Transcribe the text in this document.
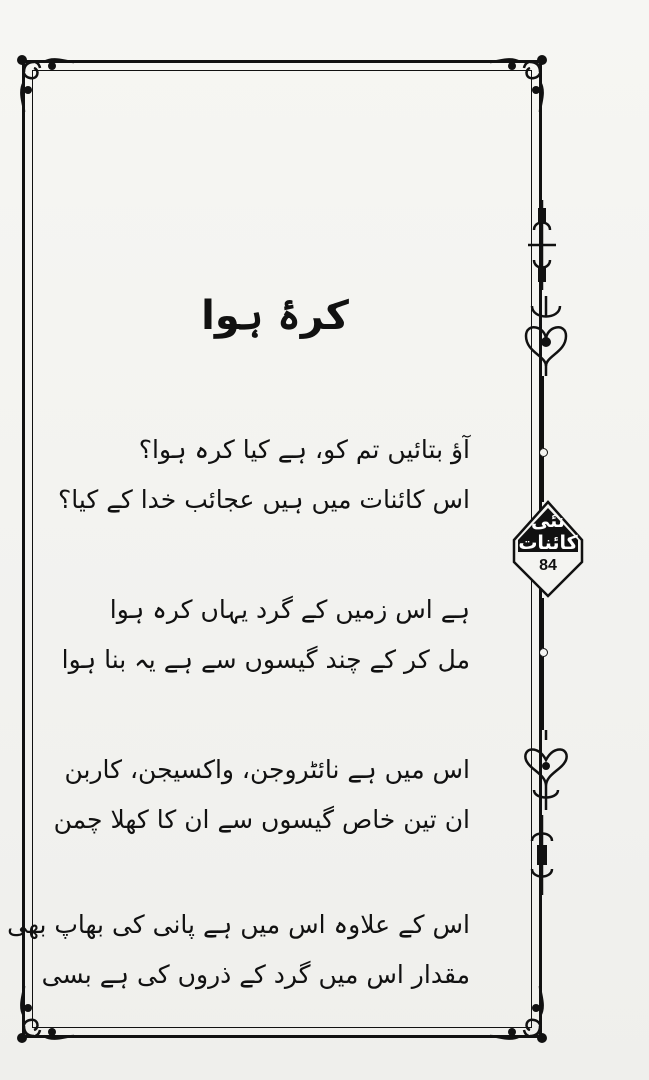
نئی کائنات
84
کرۂ ہوا
آؤ بتائیں تم کو، ہے کیا کرہ ہوا؟
اس کائنات میں ہیں عجائب خدا کے کیا؟
ہے اس زمیں کے گرد یہاں کرہ ہوا
مل کر کے چند گیسوں سے ہے یہ بنا ہوا
اس میں ہے نائٹروجن، واکسیجن، کاربن
ان تین خاص گیسوں سے ان کا کھلا چمن
اس کے علاوہ اس میں ہے پانی کی بھاپ بھی
مقدار اس میں گرد کے ذروں کی ہے بسی
